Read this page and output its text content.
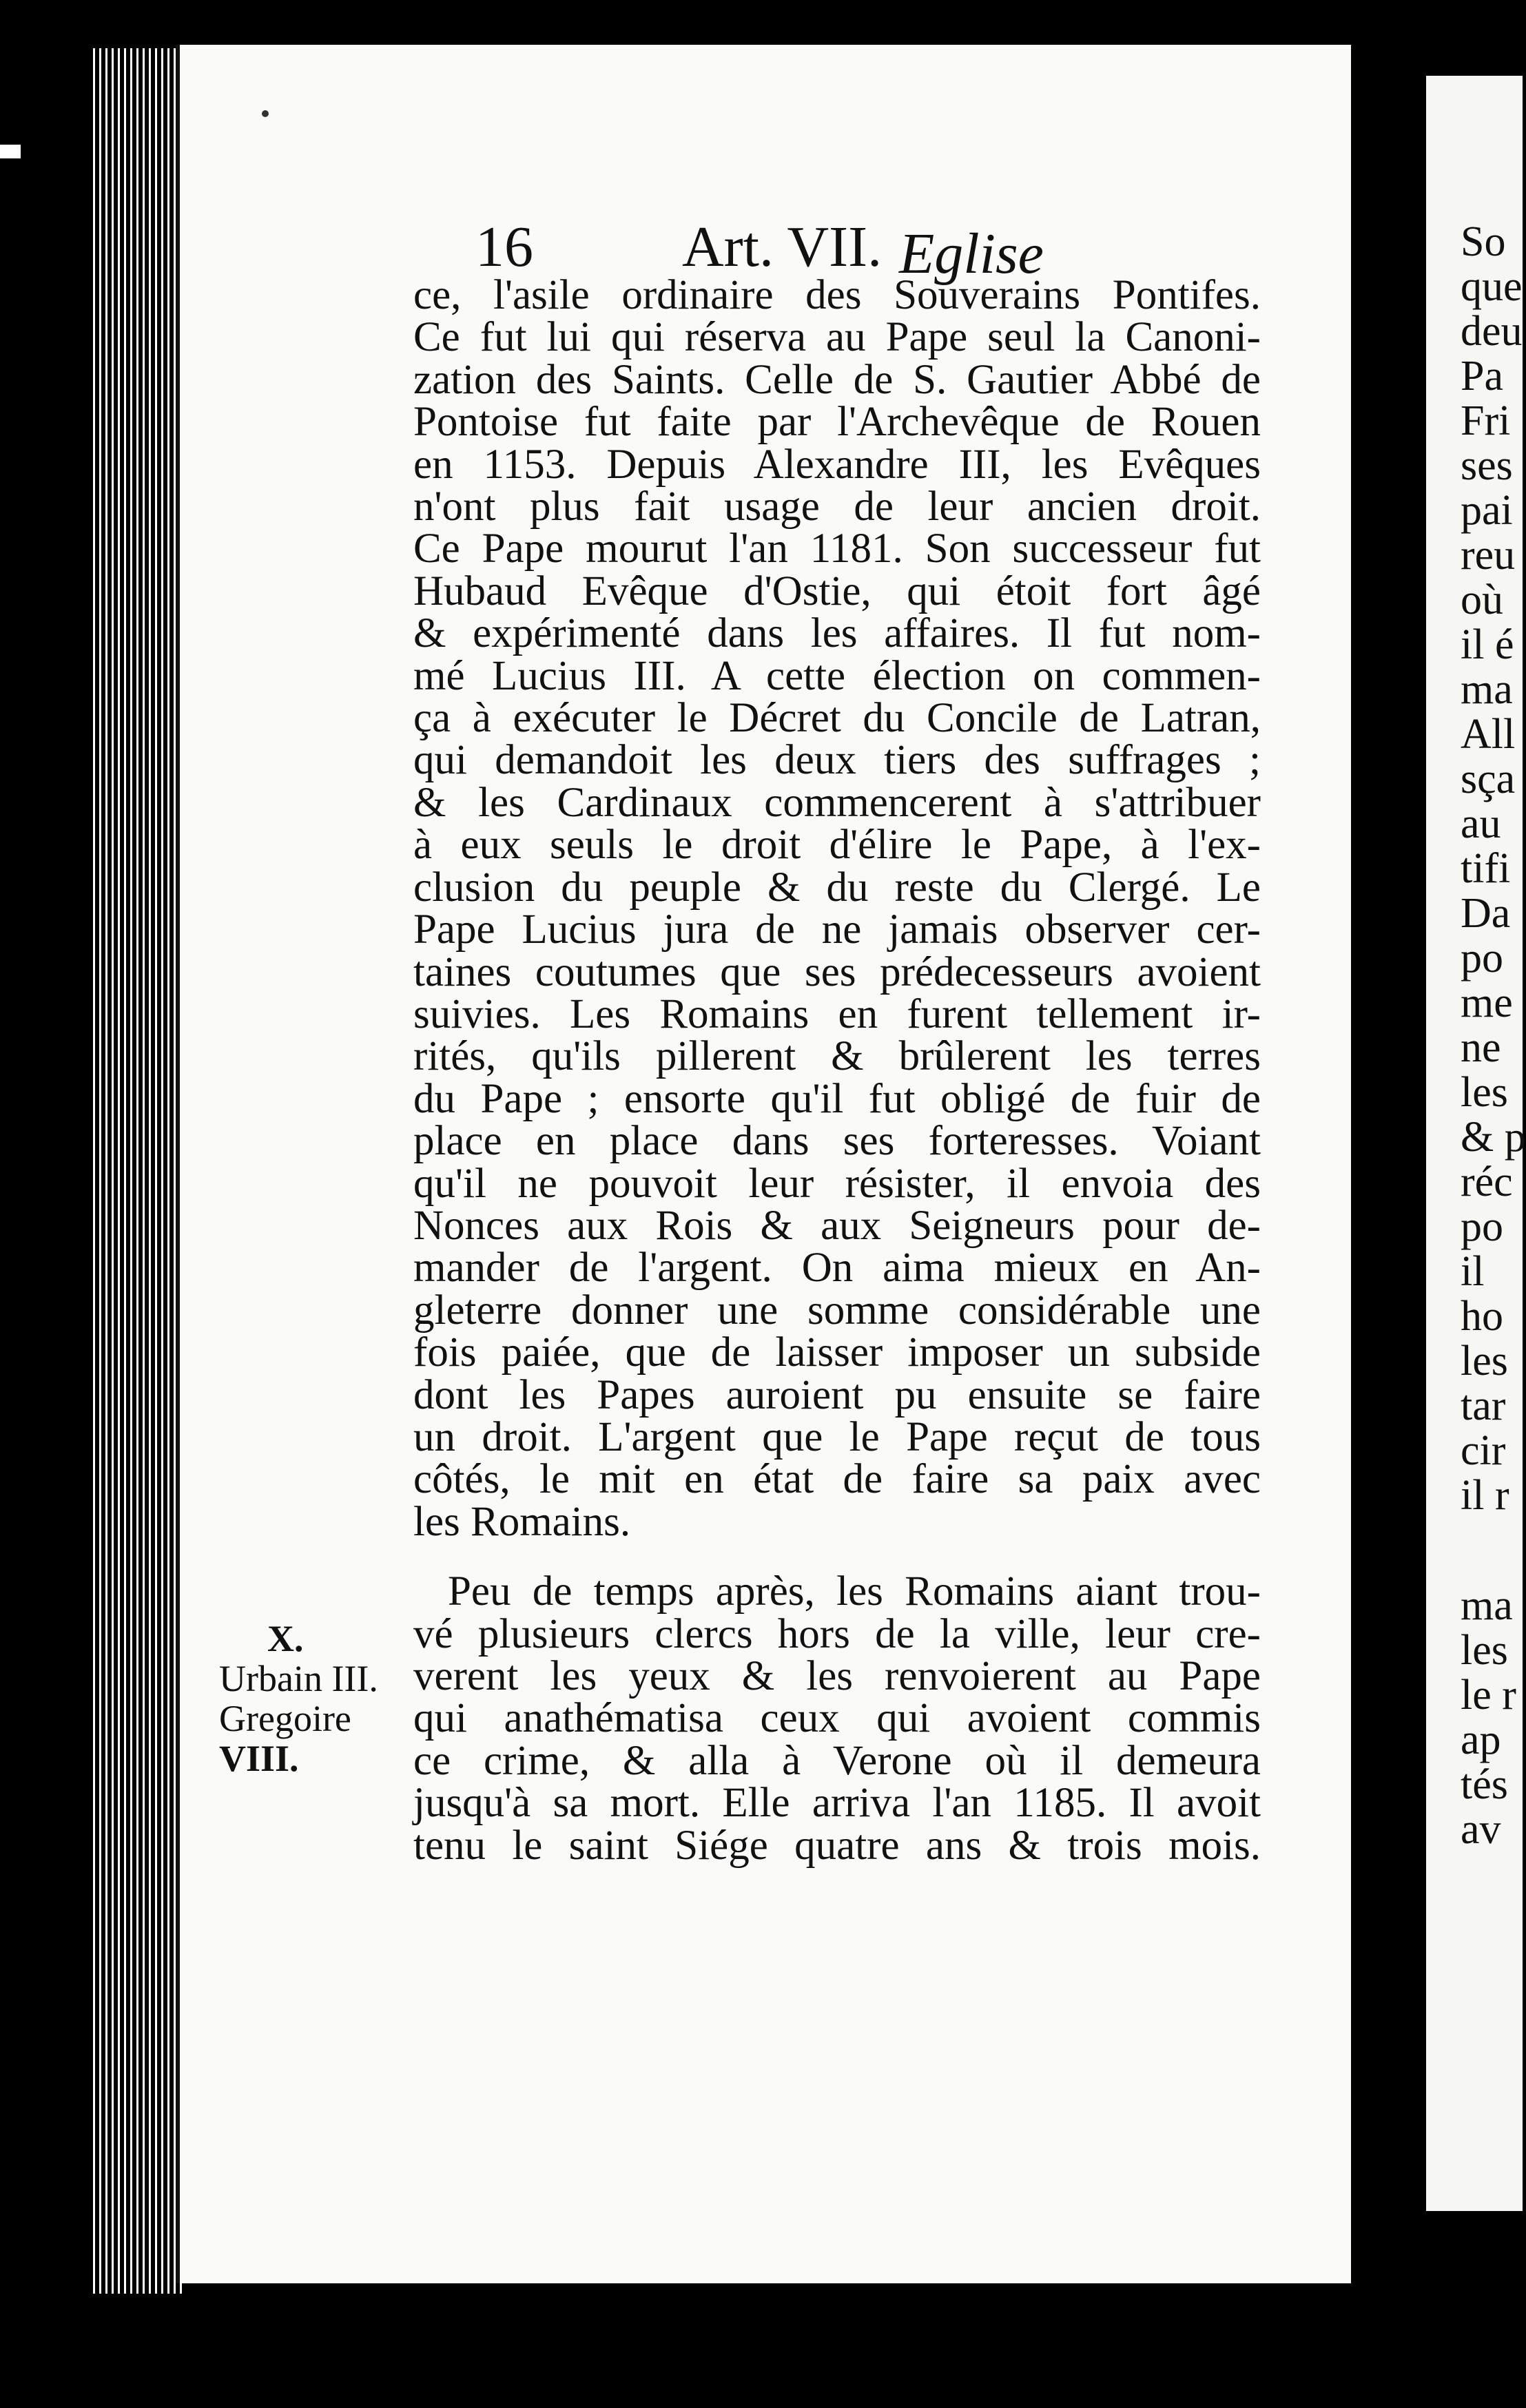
16	Art. VII. Eglise
ce, l'asile ordinaire des Souverains Pontifes.
Ce fut lui qui réserva au Pape seul la Canoni-
zation des Saints. Celle de S. Gautier Abbé de
Pontoise fut faite par l'Archevêque de Rouen
en 1153. Depuis Alexandre III, les Evêques
n'ont plus fait usage de leur ancien droit.
Ce Pape mourut l'an 1181. Son successeur fut
Hubaud Evêque d'Ostie, qui étoit fort âgé
& expérimenté dans les affaires. Il fut nom-
mé Lucius III. A cette élection on commen-
ça à exécuter le Décret du Concile de Latran,
qui demandoit les deux tiers des suffrages ;
& les Cardinaux commencerent à s'attribuer
à eux seuls le droit d'élire le Pape, à l'ex-
clusion du peuple & du reste du Clergé. Le
Pape Lucius jura de ne jamais observer cer-
taines coutumes que ses prédecesseurs avoient
suivies. Les Romains en furent tellement ir-
rités, qu'ils pillerent & brûlerent les terres
du Pape ; ensorte qu'il fut obligé de fuir de
place en place dans ses forteresses. Voiant
qu'il ne pouvoit leur résister, il envoia des
Nonces aux Rois & aux Seigneurs pour de-
mander de l'argent. On aima mieux en An-
gleterre donner une somme considérable une
fois paiée, que de laisser imposer un subside
dont les Papes auroient pu ensuite se faire
un droit. L'argent que le Pape reçut de tous
côtés, le mit en état de faire sa paix avec
les Romains.
Peu de temps après, les Romains aiant trou-
vé plusieurs clercs hors de la ville, leur cre-
verent les yeux & les renvoierent au Pape
qui anathématisa ceux qui avoient commis
ce crime, & alla à Verone où il demeura
jusqu'à sa mort. Elle arriva l'an 1185. Il avoit
tenu le saint Siége quatre ans & trois mois.
X.
Urbain III.
Gregoire
VIII.
So
que
deu
Pa
Fri
ses
pai
reu
où
il é
ma
All
sça
au
tifi
Da
po
me
ne
les
& p
réc
po
il
ho
les
tar
cir
il r
ma
les
le r
ap
tés
av
